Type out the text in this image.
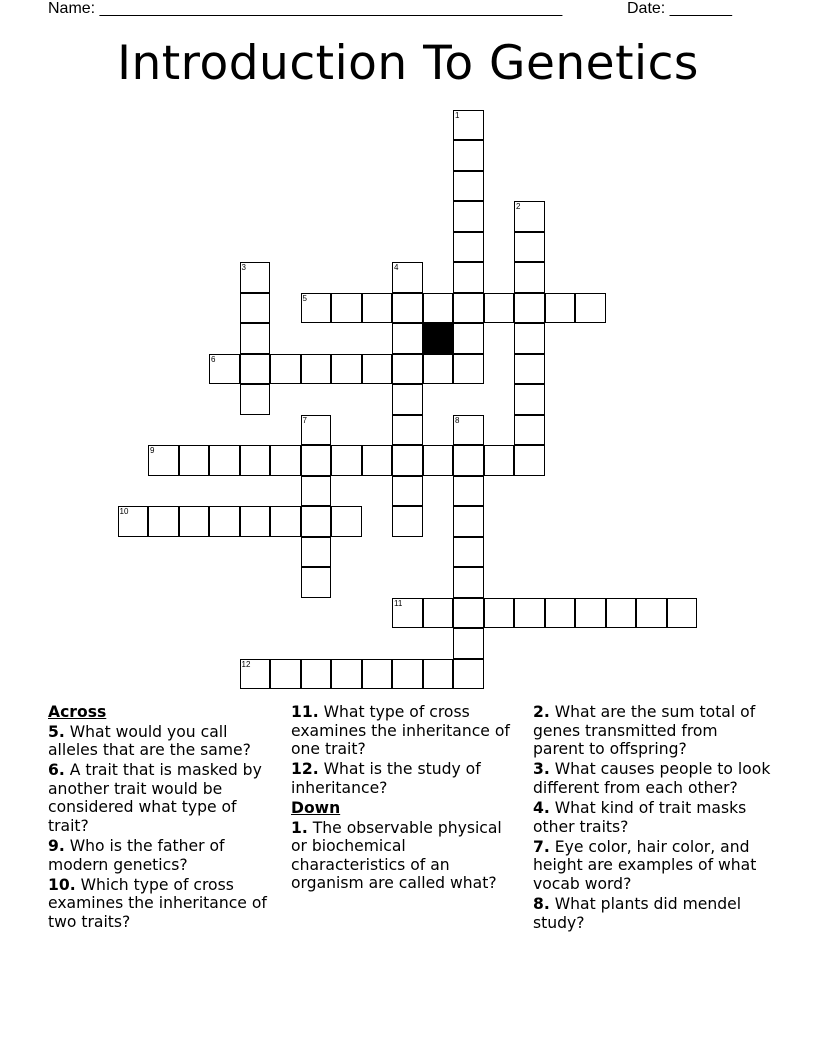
Name: ____________________________________________________	Date: _______
Introduction To Genetics
1
2
3	4
5
6
7	8
9
10
11
12
Across
5. What would you call alleles that are the same?
6. A trait that is masked by another trait would be considered what type of trait?
9. Who is the father of modern genetics?
10. Which type of cross examines the inheritance of two traits?
11. What type of cross examines the inheritance of one trait?
12. What is the study of inheritance?
Down
1. The observable physical or biochemical characteristics of an organism are called what?
2. What are the sum total of genes transmitted from parent to offspring?
3. What causes people to look different from each other?
4. What kind of trait masks other traits?
7. Eye color, hair color, and height are examples of what vocab word?
8. What plants did mendel study?
